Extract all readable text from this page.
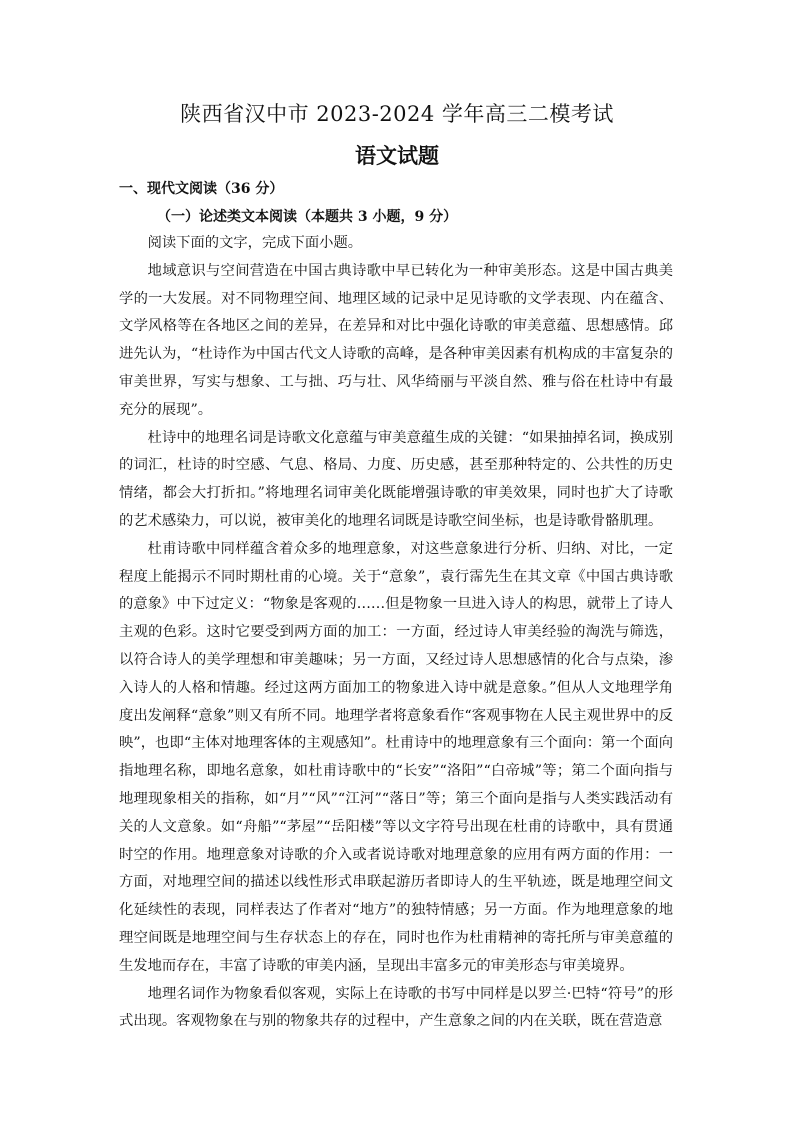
陕西省汉中市 2023-2024 学年高三二模考试
语文试题
一、现代文阅读（36 分）
（一）论述类文本阅读（本题共 3 小题，9 分）

阅读下面的文字，完成下面小题。

地域意识与空间营造在中国古典诗歌中早已转化为一种审美形态。这是中国古典美学的一大发展。对不同物理空间、地理区域的记录中足见诗歌的文学表现、内在蕴含、文学风格等在各地区之间的差异，在差异和对比中强化诗歌的审美意蕴、思想感情。邱进先认为，“杜诗作为中国古代文人诗歌的高峰，是各种审美因素有机构成的丰富复杂的审美世界，写实与想象、工与拙、巧与壮、风华绮丽与平淡自然、雅与俗在杜诗中有最充分的展现”。

杜诗中的地理名词是诗歌文化意蕴与审美意蕴生成的关键：“如果抽掉名词，换成别的词汇，杜诗的时空感、气息、格局、力度、历史感，甚至那种特定的、公共性的历史情绪，都会大打折扣。”将地理名词审美化既能增强诗歌的审美效果，同时也扩大了诗歌的艺术感染力，可以说，被审美化的地理名词既是诗歌空间坐标，也是诗歌骨骼肌理。

杜甫诗歌中同样蕴含着众多的地理意象，对这些意象进行分析、归纳、对比，一定程度上能揭示不同时期杜甫的心境。关于“意象”，袁行霈先生在其文章《中国古典诗歌的意象》中下过定义：“物象是客观的……但是物象一旦进入诗人的构思，就带上了诗人主观的色彩。这时它要受到两方面的加工：一方面，经过诗人审美经验的淘洗与筛选，以符合诗人的美学理想和审美趣味；另一方面，又经过诗人思想感情的化合与点染，渗入诗人的人格和情趣。经过这两方面加工的物象进入诗中就是意象。”但从人文地理学角度出发阐释“意象”则又有所不同。地理学者将意象看作“客观事物在人民主观世界中的反映”，也即“主体对地理客体的主观感知”。杜甫诗中的地理意象有三个面向：第一个面向指地理名称，即地名意象，如杜甫诗歌中的“长安”“洛阳”“白帝城”等；第二个面向指与地理现象相关的指称，如“月”“风”“江河”“落日”等；第三个面向是指与人类实践活动有关的人文意象。如“舟船”“茅屋”“岳阳楼”等以文字符号出现在杜甫的诗歌中，具有贯通时空的作用。地理意象对诗歌的介入或者说诗歌对地理意象的应用有两方面的作用：一方面，对地理空间的描述以线性形式串联起游历者即诗人的生平轨迹，既是地理空间文化延续性的表现，同样表达了作者对“地方”的独特情感；另一方面。作为地理意象的地理空间既是地理空间与生存状态上的存在，同时也作为杜甫精神的寄托所与审美意蕴的生发地而存在，丰富了诗歌的审美内涵，呈现出丰富多元的审美形态与审美境界。

地理名词作为物象看似客观，实际上在诗歌的书写中同样是以罗兰·巴特“符号”的形式出现。客观物象在与别的物象共存的过程中，产生意象之间的内在关联，既在营造意
